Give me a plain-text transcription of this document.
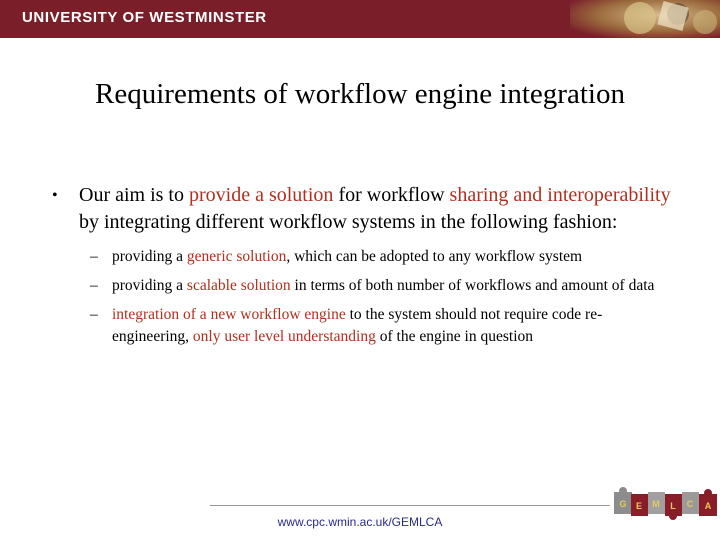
UNIVERSITY OF WESTMINSTER
Requirements of workflow engine integration
• Our aim is to provide a solution for workflow sharing and interoperability by integrating different workflow systems in the following fashion:
– providing a generic solution, which can be adopted to any workflow system
– providing a scalable solution in terms of both number of workflows and amount of data
– integration of a new workflow engine to the system should not require code re-engineering, only user level understanding of the engine in question
www.cpc.wmin.ac.uk/GEMLCA
G E M L C A
